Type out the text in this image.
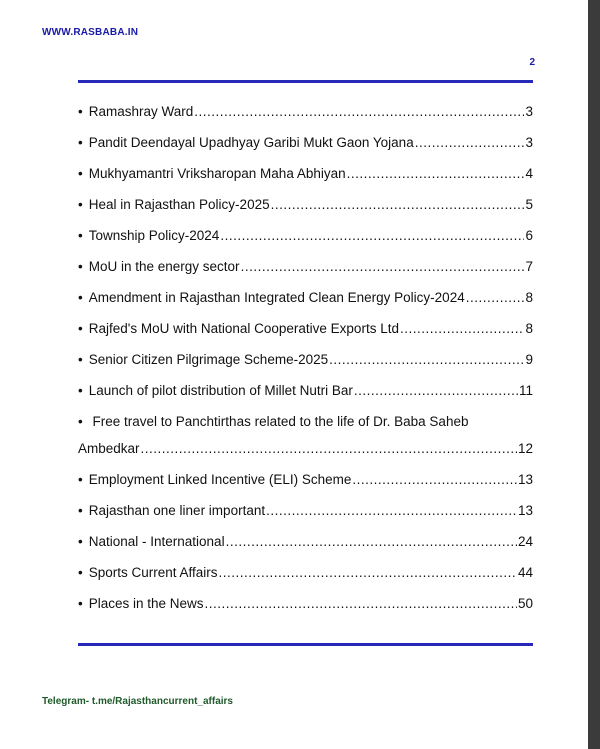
WWW.RASBABA.IN
2
• Ramashray Ward .....	3
• Pandit Deendayal Upadhyay Garibi Mukt Gaon Yojana .....	3
• Mukhyamantri Vriksharopan Maha Abhiyan .....	4
• Heal in Rajasthan Policy-2025 .....	5
• Township Policy-2024 .....	6
• MoU in the energy sector .....	7
• Amendment in Rajasthan Integrated Clean Energy Policy-2024 .....	8
• Rajfed's MoU with National Cooperative Exports Ltd .....	8
• Senior Citizen Pilgrimage Scheme-2025 .....	9
• Launch of pilot distribution of Millet Nutri Bar .....	11
• Free travel to Panchtirthas related to the life of Dr. Baba Saheb
Ambedkar .....	12
• Employment Linked Incentive (ELI) Scheme .....	13
• Rajasthan one liner important .....	13
• National - International .....	24
• Sports Current Affairs .....	44
• Places in the News .....	50
Telegram- t.me/Rajasthancurrent_affairs
